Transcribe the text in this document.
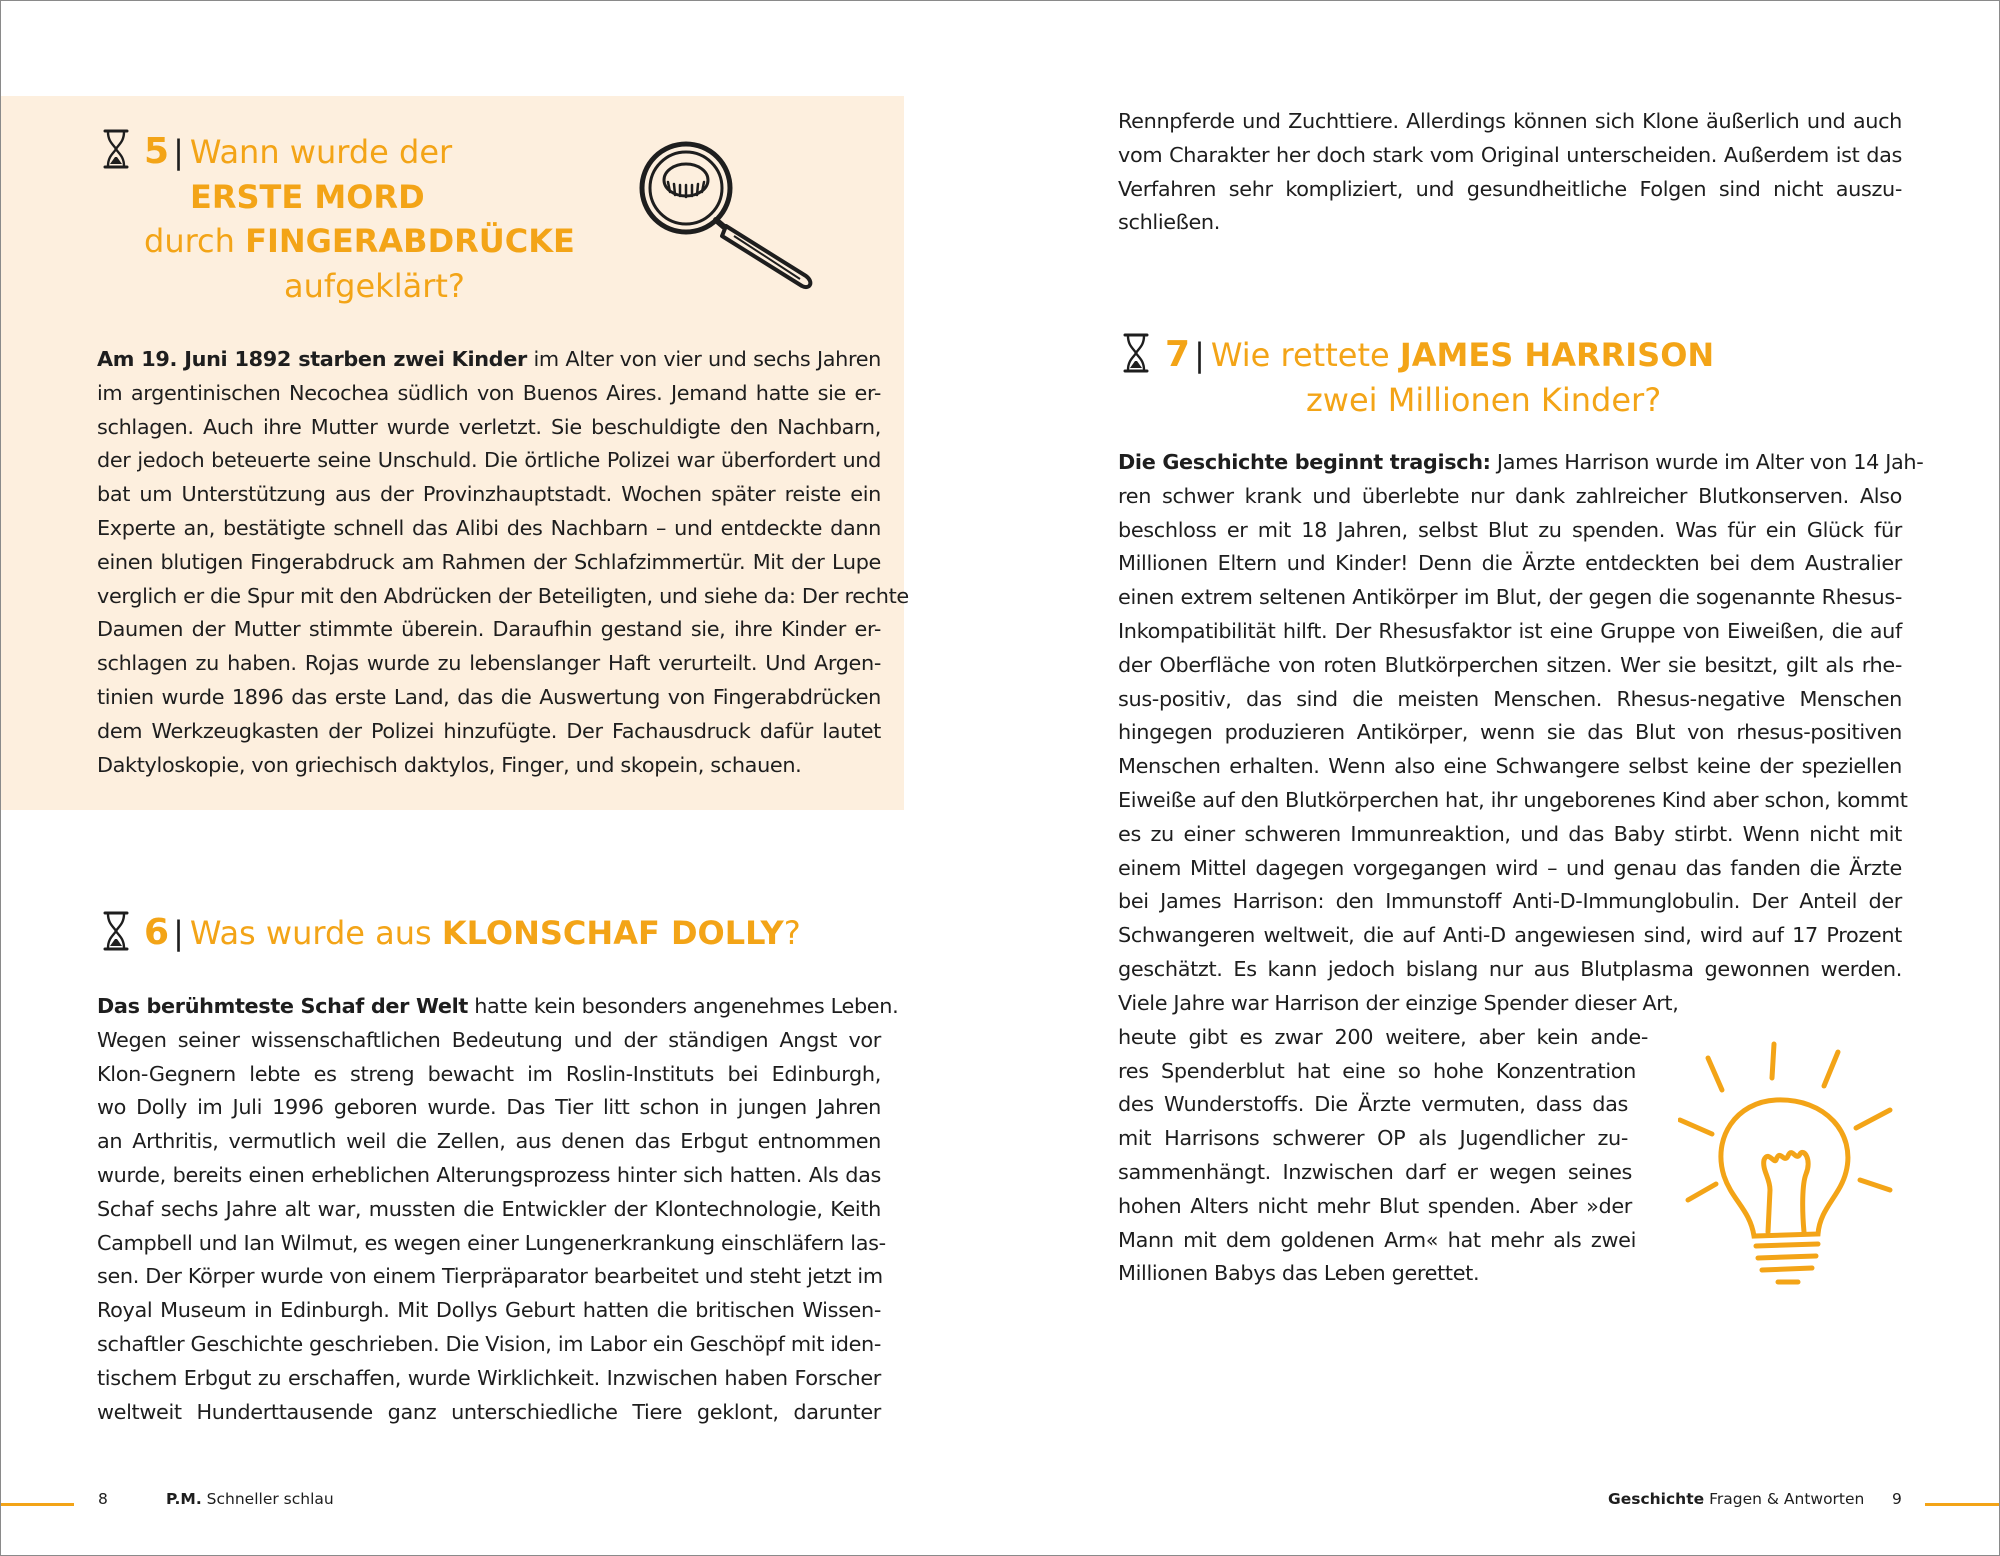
5 | Wann wurde der
ERSTE MORD
durch FINGERABDRÜCKE
aufgeklärt?
Am 19. Juni 1892 starben zwei Kinder im Alter von vier und sechs Jahren
im argentinischen Necochea südlich von Buenos Aires. Jemand hatte sie er-
schlagen. Auch ihre Mutter wurde verletzt. Sie beschuldigte den Nachbarn,
der jedoch beteuerte seine Unschuld. Die örtliche Polizei war überfordert und
bat um Unterstützung aus der Provinzhauptstadt. Wochen später reiste ein
Experte an, bestätigte schnell das Alibi des Nachbarn – und entdeckte dann
einen blutigen Fingerabdruck am Rahmen der Schlafzimmertür. Mit der Lupe
verglich er die Spur mit den Abdrücken der Beteiligten, und siehe da: Der rechte
Daumen der Mutter stimmte überein. Daraufhin gestand sie, ihre Kinder er-
schlagen zu haben. Rojas wurde zu lebenslanger Haft verurteilt. Und Argen-
tinien wurde 1896 das erste Land, das die Auswertung von Fingerabdrücken
dem Werkzeugkasten der Polizei hinzufügte. Der Fachausdruck dafür lautet
Daktyloskopie, von griechisch daktylos, Finger, und skopein, schauen.
6 | Was wurde aus KLONSCHAF DOLLY?
Das berühmteste Schaf der Welt hatte kein besonders angenehmes Leben.
Wegen seiner wissenschaftlichen Bedeutung und der ständigen Angst vor
Klon-Gegnern lebte es streng bewacht im Roslin-Instituts bei Edinburgh,
wo Dolly im Juli 1996 geboren wurde. Das Tier litt schon in jungen Jahren
an Arthritis, vermutlich weil die Zellen, aus denen das Erbgut entnommen
wurde, bereits einen erheblichen Alterungsprozess hinter sich hatten. Als das
Schaf sechs Jahre alt war, mussten die Entwickler der Klontechnologie, Keith
Campbell und Ian Wilmut, es wegen einer Lungenerkrankung einschläfern las-
sen. Der Körper wurde von einem Tierpräparator bearbeitet und steht jetzt im
Royal Museum in Edinburgh. Mit Dollys Geburt hatten die britischen Wissen-
schaftler Geschichte geschrieben. Die Vision, im Labor ein Geschöpf mit iden-
tischem Erbgut zu erschaffen, wurde Wirklichkeit. Inzwischen haben Forscher
weltweit Hunderttausende ganz unterschiedliche Tiere geklont, darunter
8	P.M. Schneller schlau
Rennpferde und Zuchttiere. Allerdings können sich Klone äußerlich und auch
vom Charakter her doch stark vom Original unterscheiden. Außerdem ist das
Verfahren sehr kompliziert, und gesundheitliche Folgen sind nicht auszu-
schließen.
7 | Wie rettete JAMES HARRISON
zwei Millionen Kinder?
Die Geschichte beginnt tragisch: James Harrison wurde im Alter von 14 Jah-
ren schwer krank und überlebte nur dank zahlreicher Blutkonserven. Also
beschloss er mit 18 Jahren, selbst Blut zu spenden. Was für ein Glück für
Millionen Eltern und Kinder! Denn die Ärzte entdeckten bei dem Australier
einen extrem seltenen Antikörper im Blut, der gegen die sogenannte Rhesus-
Inkompatibilität hilft. Der Rhesusfaktor ist eine Gruppe von Eiweißen, die auf
der Oberfläche von roten Blutkörperchen sitzen. Wer sie besitzt, gilt als rhe-
sus-positiv, das sind die meisten Menschen. Rhesus-negative Menschen
hingegen produzieren Antikörper, wenn sie das Blut von rhesus-positiven
Menschen erhalten. Wenn also eine Schwangere selbst keine der speziellen
Eiweiße auf den Blutkörperchen hat, ihr ungeborenes Kind aber schon, kommt
es zu einer schweren Immunreaktion, und das Baby stirbt. Wenn nicht mit
einem Mittel dagegen vorgegangen wird – und genau das fanden die Ärzte
bei James Harrison: den Immunstoff Anti-D-Immunglobulin. Der Anteil der
Schwangeren weltweit, die auf Anti-D angewiesen sind, wird auf 17 Prozent
geschätzt. Es kann jedoch bislang nur aus Blutplasma gewonnen werden.
Viele Jahre war Harrison der einzige Spender dieser Art,
heute gibt es zwar 200 weitere, aber kein ande-
res Spenderblut hat eine so hohe Konzentration
des Wunderstoffs. Die Ärzte vermuten, dass das
mit Harrisons schwerer OP als Jugendlicher zu-
sammenhängt. Inzwischen darf er wegen seines
hohen Alters nicht mehr Blut spenden. Aber »der
Mann mit dem goldenen Arm« hat mehr als zwei
Millionen Babys das Leben gerettet.
Geschichte Fragen & Antworten 9
